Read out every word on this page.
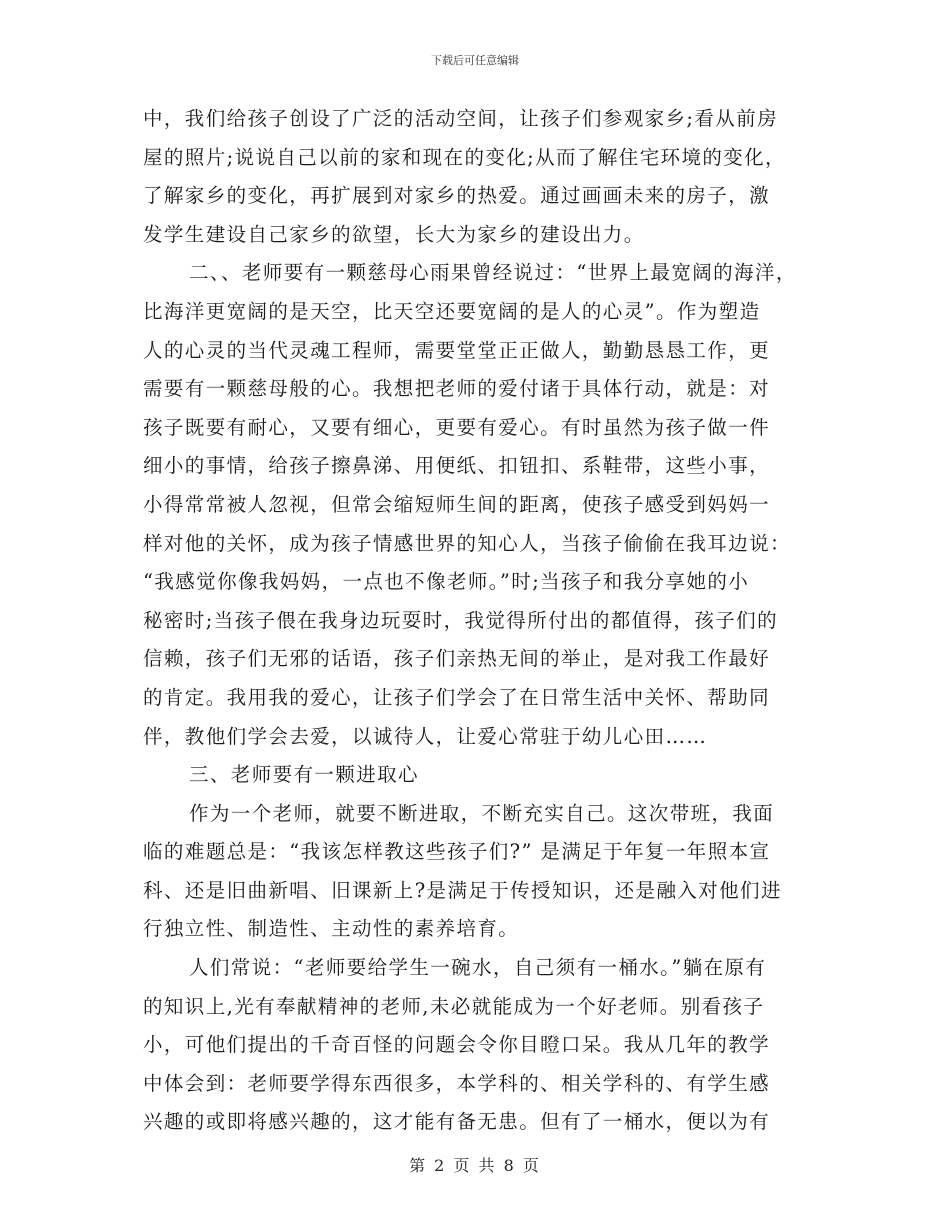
下载后可任意编辑
中，我们给孩子创设了广泛的活动空间，让孩子们参观家乡;看从前房
屋的照片;说说自己以前的家和现在的变化;从而了解住宅环境的变化，
了解家乡的变化，再扩展到对家乡的热爱。通过画画未来的房子，激
发学生建设自己家乡的欲望，长大为家乡的建设出力。
二、、老师要有一颗慈母心雨果曾经说过：“世界上最宽阔的海洋，
比海洋更宽阔的是天空，比天空还要宽阔的是人的心灵”。作为塑造
人的心灵的当代灵魂工程师，需要堂堂正正做人，勤勤恳恳工作，更
需要有一颗慈母般的心。我想把老师的爱付诸于具体行动，就是：对
孩子既要有耐心，又要有细心，更要有爱心。有时虽然为孩子做一件
细小的事情，给孩子擦鼻涕、用便纸、扣钮扣、系鞋带，这些小事，
小得常常被人忽视，但常会缩短师生间的距离，使孩子感受到妈妈一
样对他的关怀，成为孩子情感世界的知心人，当孩子偷偷在我耳边说：
“我感觉你像我妈妈，一点也不像老师。”时;当孩子和我分享她的小
秘密时;当孩子偎在我身边玩耍时，我觉得所付出的都值得，孩子们的
信赖，孩子们无邪的话语，孩子们亲热无间的举止，是对我工作最好
的肯定。我用我的爱心，让孩子们学会了在日常生活中关怀、帮助同
伴，教他们学会去爱，以诚待人，让爱心常驻于幼儿心田……
三、老师要有一颗进取心
作为一个老师，就要不断进取，不断充实自己。这次带班，我面
临的难题总是：“我该怎样教这些孩子们?” 是满足于年复一年照本宣
科、还是旧曲新唱、旧课新上?是满足于传授知识，还是融入对他们进
行独立性、制造性、主动性的素养培育。
人们常说：“老师要给学生一碗水，自己须有一桶水。”躺在原有
的知识上,光有奉献精神的老师,未必就能成为一个好老师。别看孩子
小，可他们提出的千奇百怪的问题会令你目瞪口呆。我从几年的教学
中体会到：老师要学得东西很多，本学科的、相关学科的、有学生感
兴趣的或即将感兴趣的，这才能有备无患。但有了一桶水，便以为有
第 2 页 共 8 页
